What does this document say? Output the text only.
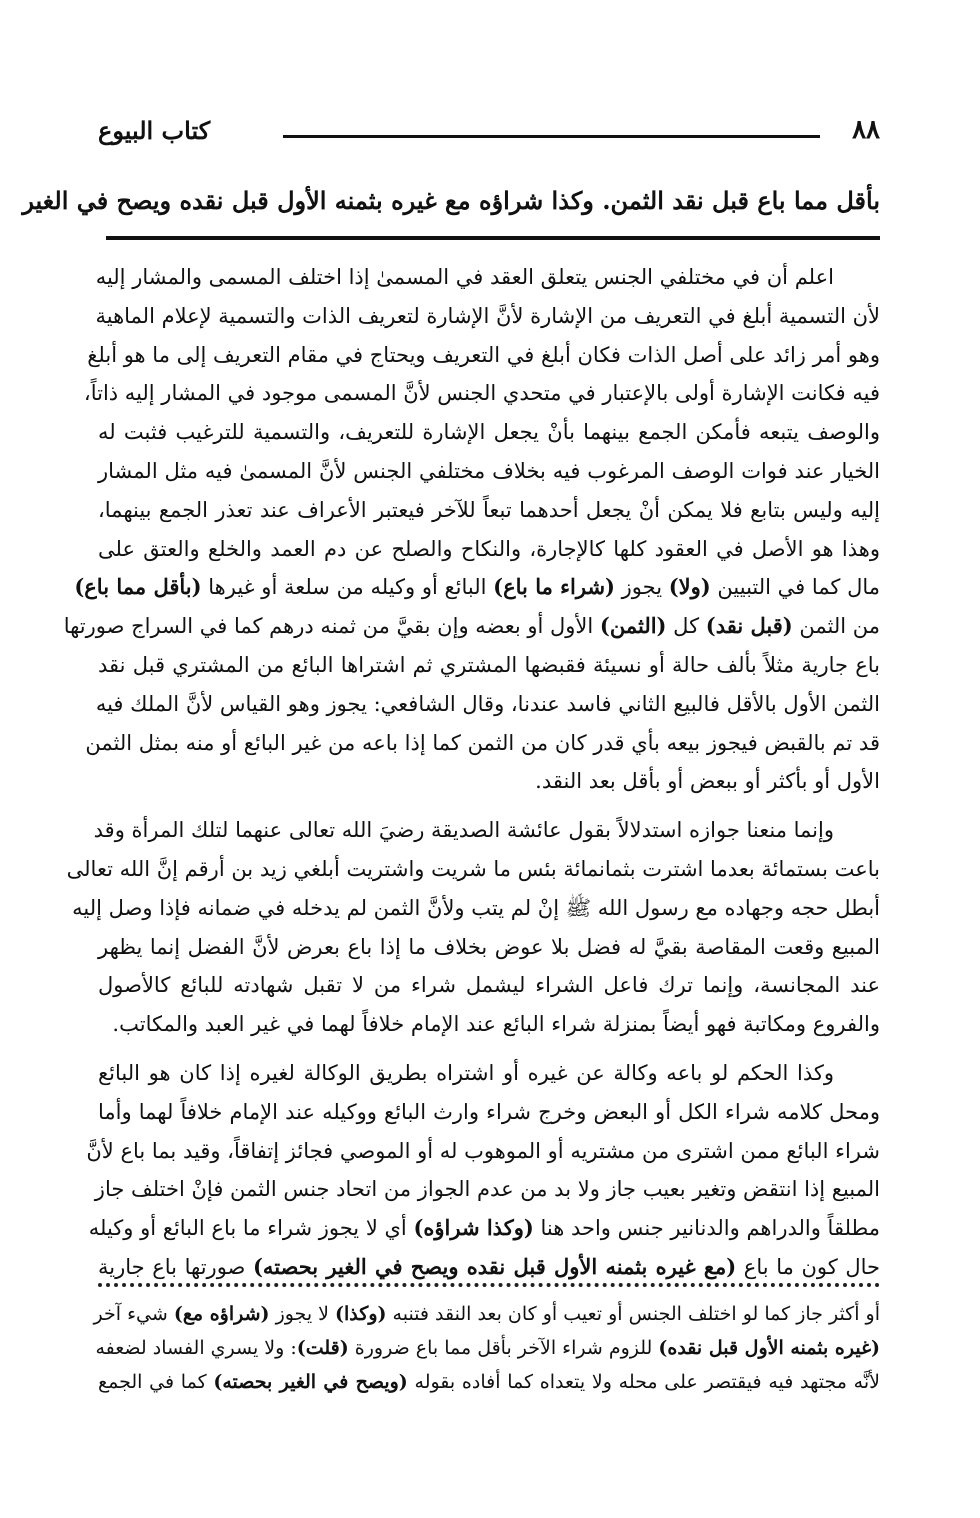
٨٨
كتاب البيوع
بأقل مما باع قبل نقد الثمن. وكذا شراؤه مع غيره بثمنه الأول قبل نقده ويصح في الغير
اعلم أن في مختلفي الجنس يتعلق العقد في المسمىٰ إذا اختلف المسمى والمشار إليه
لأن التسمية أبلغ في التعريف من الإشارة لأنَّ الإشارة لتعريف الذات والتسمية لإعلام الماهية
وهو أمر زائد على أصل الذات فكان أبلغ في التعريف ويحتاج في مقام التعريف إلى ما هو أبلغ
فيه فكانت الإشارة أولى بالإعتبار في متحدي الجنس لأنَّ المسمى موجود في المشار إليه ذاتاً،
والوصف يتبعه فأمكن الجمع بينهما بأنْ يجعل الإشارة للتعريف، والتسمية للترغيب فثبت له
الخيار عند فوات الوصف المرغوب فيه بخلاف مختلفي الجنس لأنَّ المسمىٰ فيه مثل المشار
إليه وليس بتابع فلا يمكن أنْ يجعل أحدهما تبعاً للآخر فيعتبر الأعراف عند تعذر الجمع بينهما،
وهذا هو الأصل في العقود كلها كالإجارة، والنكاح والصلح عن دم العمد والخلع والعتق على
مال كما في التبيين (ولا) يجوز (شراء ما باع) البائع أو وكيله من سلعة أو غيرها (بأقل مما باع)
من الثمن (قبل نقد) كل (الثمن) الأول أو بعضه وإن بقيَّ من ثمنه درهم كما في السراج صورتها
باع جارية مثلاً بألف حالة أو نسيئة فقبضها المشتري ثم اشتراها البائع من المشتري قبل نقد
الثمن الأول بالأقل فالبيع الثاني فاسد عندنا، وقال الشافعي: يجوز وهو القياس لأنَّ الملك فيه
قد تم بالقبض فيجوز بيعه بأي قدر كان من الثمن كما إذا باعه من غير البائع أو منه بمثل الثمن
الأول أو بأكثر أو ببعض أو بأقل بعد النقد.
وإنما منعنا جوازه استدلالاً بقول عائشة الصديقة رضيَ الله تعالى عنهما لتلك المرأة وقد
باعت بستمائة بعدما اشترت بثمانمائة بئس ما شريت واشتريت أبلغي زيد بن أرقم إنَّ الله تعالى
أبطل حجه وجهاده مع رسول الله ﷺ إنْ لم يتب ولأنَّ الثمن لم يدخله في ضمانه فإذا وصل إليه
المبيع وقعت المقاصة بقيَّ له فضل بلا عوض بخلاف ما إذا باع بعرض لأنَّ الفضل إنما يظهر
عند المجانسة، وإنما ترك فاعل الشراء ليشمل شراء من لا تقبل شهادته للبائع كالأصول
والفروع ومكاتبة فهو أيضاً بمنزلة شراء البائع عند الإمام خلافاً لهما في غير العبد والمكاتب.
وكذا الحكم لو باعه وكالة عن غيره أو اشتراه بطريق الوكالة لغيره إذا كان هو البائع
ومحل كلامه شراء الكل أو البعض وخرج شراء وارث البائع ووكيله عند الإمام خلافاً لهما وأما
شراء البائع ممن اشترى من مشتريه أو الموهوب له أو الموصي فجائز إتفاقاً، وقيد بما باع لأنَّ
المبيع إذا انتقض وتغير بعيب جاز ولا بد من عدم الجواز من اتحاد جنس الثمن فإنْ اختلف جاز
مطلقاً والدراهم والدنانير جنس واحد هنا (وكذا شراؤه) أي لا يجوز شراء ما باع البائع أو وكيله
حال كون ما باع (مع غيره بثمنه الأول قبل نقده ويصح في الغير بحصته) صورتها باع جارية
أو أكثر جاز كما لو اختلف الجنس أو تعيب أو كان بعد النقد فتنبه (وكذا) لا يجوز (شراؤه مع) شيء آخر
(غيره بثمنه الأول قبل نقده) للزوم شراء الآخر بأقل مما باع ضرورة (قلت): ولا يسري الفساد لضعفه
لأنَّه مجتهد فيه فيقتصر على محله ولا يتعداه كما أفاده بقوله (ويصح في الغير بحصته) كما في الجمع
